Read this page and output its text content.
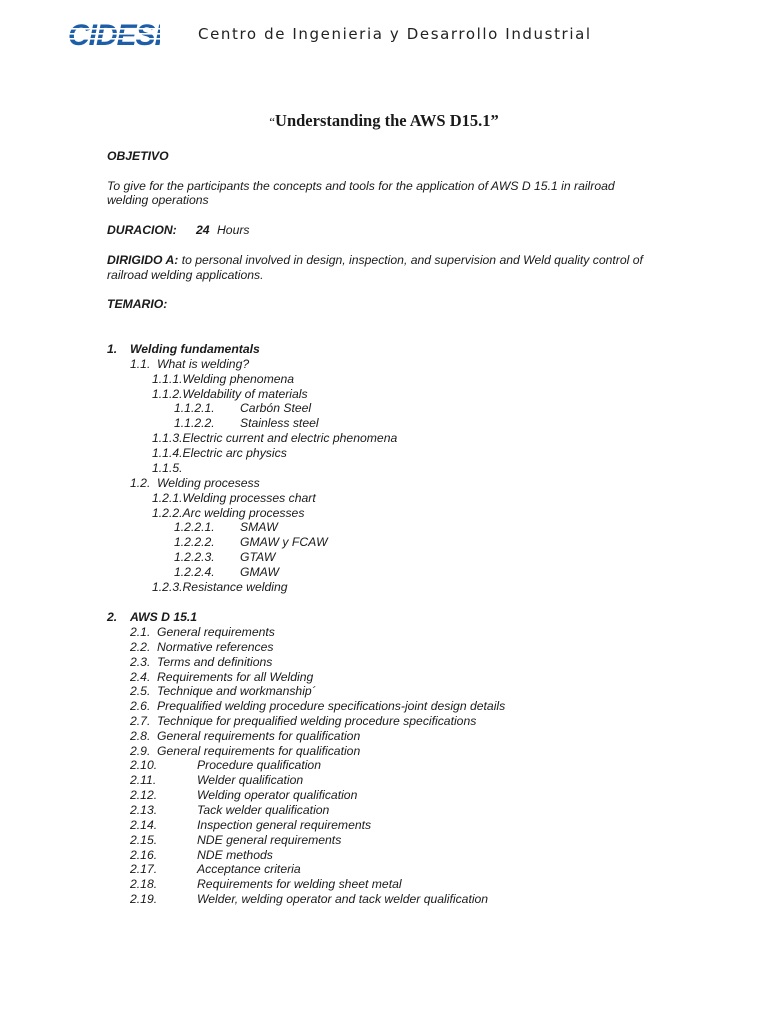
Centro de Ingenieria y Desarrollo Industrial
“Understanding the AWS D15.1”
OBJETIVO
To give for the participants the concepts and tools for the application of AWS D 15.1 in railroad
welding operations
DURACION: 24 Hours
DIRIGIDO A: to personal involved in design, inspection, and supervision and Weld quality control of
railroad welding applications.
TEMARIO:
1. Welding fundamentals
1.1. What is welding?
1.1.1.Welding phenomena
1.1.2.Weldability of materials
1.1.2.1. Carbón Steel
1.1.2.2. Stainless steel
1.1.3.Electric current and electric phenomena
1.1.4.Electric arc physics
1.1.5.
1.2. Welding procesess
1.2.1.Welding processes chart
1.2.2.Arc welding processes
1.2.2.1. SMAW
1.2.2.2. GMAW y FCAW
1.2.2.3. GTAW
1.2.2.4. GMAW
1.2.3.Resistance welding
2. AWS D 15.1
2.1. General requirements
2.2. Normative references
2.3. Terms and definitions
2.4. Requirements for all Welding
2.5. Technique and workmanship´
2.6. Prequalified welding procedure specifications-joint design details
2.7. Technique for prequalified welding procedure specifications
2.8. General requirements for qualification
2.9. General requirements for qualification
2.10.	Procedure qualification
2.11.	Welder qualification
2.12.	Welding operator qualification
2.13.	Tack welder qualification
2.14.	Inspection general requirements
2.15.	NDE general requirements
2.16.	NDE methods
2.17.	Acceptance criteria
2.18.	Requirements for welding sheet metal
2.19.	Welder, welding operator and tack welder qualification
